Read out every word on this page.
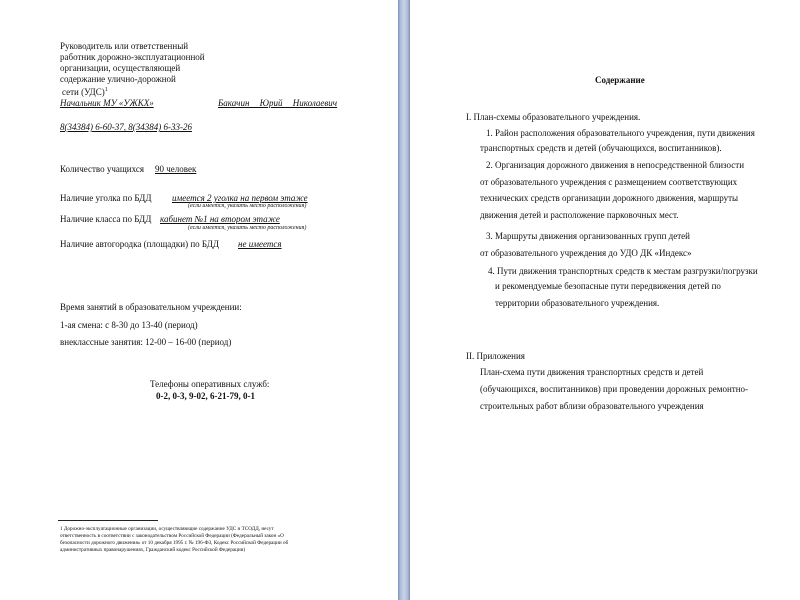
Руководитель или ответственный
работник дорожно-эксплуатационной
организации, осуществляющей
содержание улично-дорожной
сети (УДС)$^1$
Начальник МУ «УЖКХ»	Бакачин Юрий Николаевич
8(34384) 6-60-37, 8(34384) 6-33-26
Количество учащихся 90 человек
Наличие уголка по БДД имеется 2 уголка на первом этаже
(если имеется, указать место расположения)
Наличие класса по БДД кабинет №1 на втором этаже
(если имеется, указать место расположения)
Наличие автогородка (площадки) по БДД не имеется
Время занятий в образовательном учреждении:
1-ая смена: с 8-30 до 13-40 (период)
внеклассные занятия: 12-00 – 16-00 (период)
Телефоны оперативных служб:
0-2, 0-3, 9-02, 6-21-79, 0-1
1 Дорожно-эксплуатационные организации, осуществляющие содержание УДС и ТСОДД, несут
ответственность в соответствии с законодательством Российской Федерации (Федеральный закон «О
безопасности дорожного движения» от 10 декабря 1995 г. № 196-ФЗ, Кодекс Российской Федерации об
административных правонарушениях, Гражданский кодекс Российской Федерации)
Содержание
I. План-схемы образовательного учреждения.
1. Район расположения образовательного учреждения, пути движения
транспортных средств и детей (обучающихся, воспитанников).
2. Организация дорожного движения в непосредственной близости
от образовательного учреждения с размещением соответствующих
технических средств организации дорожного движения, маршруты
движения детей и расположение парковочных мест.
3. Маршруты движения организованных групп детей
от образовательного учреждения до УДО ДК «Индекс»
4. Пути движения транспортных средств к местам разгрузки/погрузки
и рекомендуемые безопасные пути передвижения детей по
территории образовательного учреждения.
II. Приложения
План-схема пути движения транспортных средств и детей
(обучающихся, воспитанников) при проведении дорожных ремонтно-
строительных работ вблизи образовательного учреждения
